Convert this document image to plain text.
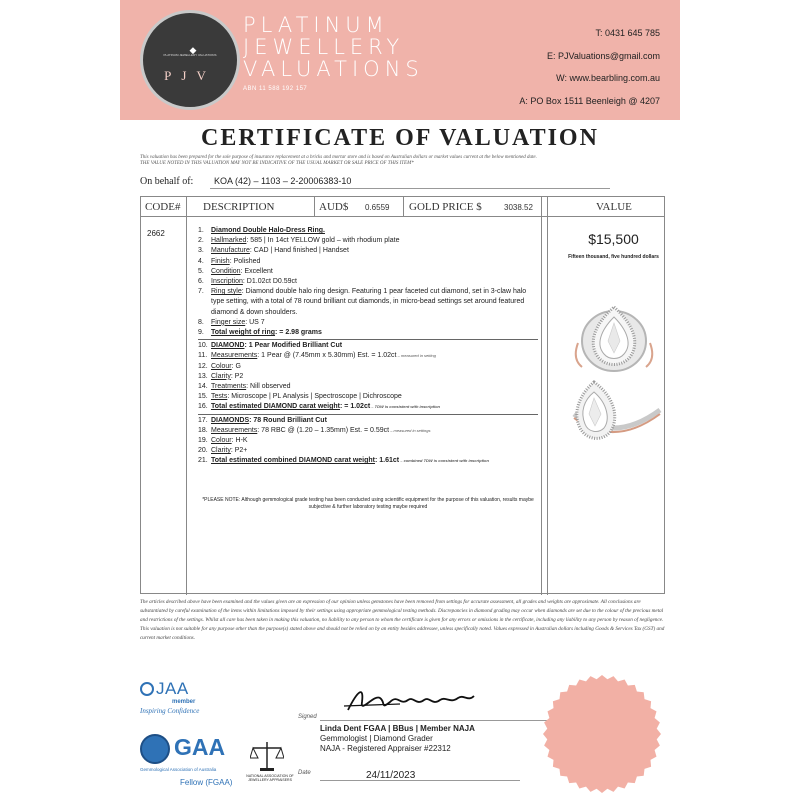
◆
PLATINUM JEWELLERY VALUATIONS
PJV
PLATINUM
JEWELLERY
VALUATIONS
ABN 11 588 192 157
T: 0431 645 785
E: PJValuations@gmail.com
W: www.bearbling.com.au
A: PO Box 1511 Beenleigh @ 4207
CERTIFICATE OF VALUATION
This valuation has been prepared for the sole purpose of insurance replacement at a bricks and mortar store and is based on Australian dollars or market values current at the below mentioned date.
THE VALUE NOTED IN THIS VALUATION MAY NOT BE INDICATIVE OF THE USUAL MARKET OR SALE PRICE OF THIS ITEM*
On behalf of: KOA (42) – 1103 – 2-20006383-10
CODE# DESCRIPTION	AUD$ 0.6559 GOLD PRICE $	3038.52	VALUE
2662	1.	Diamond Double Halo-Dress Ring.
2.	Hallmarked: 585 | In 14ct YELLOW gold – with rhodium plate
3.	Manufacture: CAD | Hand finished | Handset
4.	Finish: Polished
5.	Condition: Excellent
6.	Inscription: D1.02ct D0.59ct
7.	Ring style: Diamond double halo ring design. Featuring 1 pear faceted cut diamond, set in 3-claw halo type setting, with a total of 78 round brilliant cut diamonds, in micro-bead settings set around featured diamond & down shoulders.
8.	Finger size: US 7
9.	Total weight of ring: = 2.98 grams
10. DIAMOND: 1 Pear Modified Brilliant Cut
11. Measurements: 1 Pear @ (7.45mm x 5.30mm) Est. = 1.02ct – measured in setting
12. Colour: G
13. Clarity: P2
14. Treatments: Nill observed
15. Tests: Microscope | PL Analysis | Spectroscope | Dichroscope
16. Total estimated DIAMOND carat weight: = 1.02ct – TDW is consistent with inscription
17. DIAMONDS: 78 Round Brilliant Cut
18. Measurements: 78 RBC @ (1.20 – 1.35mm) Est. = 0.59ct – measured in settings
19. Colour: H-K
20. Clarity: P2+
21. Total estimated combined DIAMOND carat weight: 1.61ct – combined TDW is consistent with inscription
*PLEASE NOTE: Although gemmological grade testing has been conducted using scientific equipment for the purpose of this valuation, results maybe subjective & further laboratory testing maybe required
$15,500
Fifteen thousand, five hundred dollars
The articles described above have been examined and the values given are an expression of our opinion unless gemstones have been removed from settings for accurate assessment, all grades and weights are approximate. All conclusions are substantiated by careful examination of the items within limitations imposed by their settings using appropriate gemmological testing methods. Discrepancies in diamond grading may occur when diamonds are set due to the colour of the precious metal and restrictions of the settings. Whilst all care has been taken in making this valuation, no liability to any person to whom the certificate is given for any errors or omissions in the certificate, including any liability to any person by reason of negligence. This valuation is not suitable for any purpose other than the purpose(s) stated above and should not be relied on by an entity besides addressee, unless specifically noted. Values expressed in Australian dollars including Goods & Services Tax (GST) and current market conditions.
JAA
member
Inspiring Confidence
GAA
Gemmological Association of Australia
Fellow (FGAA)
NATIONAL ASSOCIATION OF JEWELLERY APPRAISERS
Signed
Linda Dent FGAA | BBus | Member NAJA
Gemmologist | Diamond Grader
NAJA - Registered Appraiser #22312
Date	24/11/2023
